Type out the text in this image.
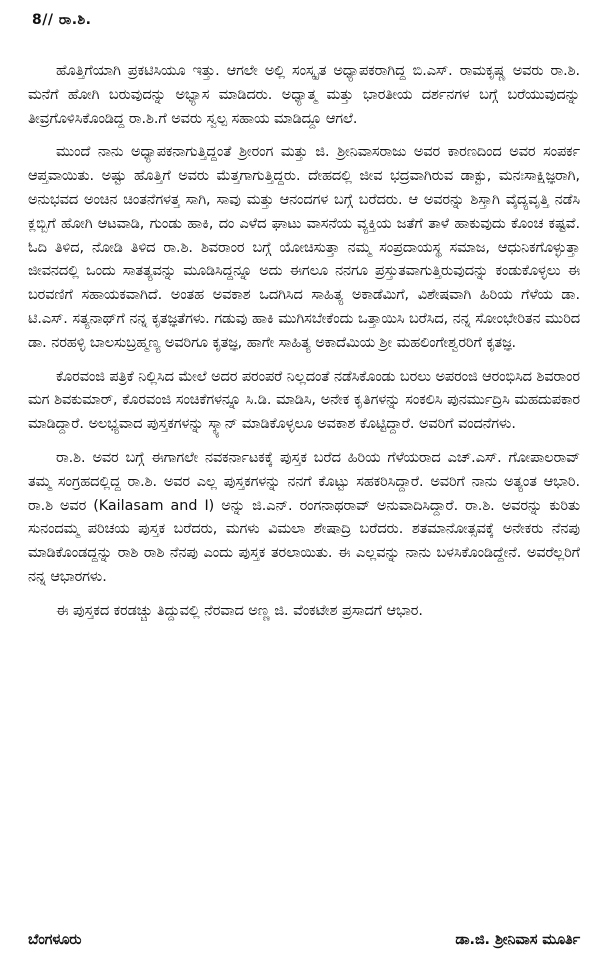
8// ರಾ.ಶಿ.

ಹೊತ್ತಿಗೆಯಾಗಿ ಪ್ರಕಟಿಸಿಯೂ ಇತ್ತು. ಆಗಲೇ ಅಲ್ಲಿ ಸಂಸ್ಕೃತ ಅಧ್ಯಾಪಕರಾಗಿದ್ದ ಬಿ.ಎಸ್. ರಾಮಕೃಷ್ಣ ಅವರು ರಾ.ಶಿ. ಮನೆಗೆ ಹೋಗಿ ಬರುವುದನ್ನು ಅಭ್ಯಾಸ ಮಾಡಿದರು. ಅಧ್ಯಾತ್ಮ ಮತ್ತು ಭಾರತೀಯ ದರ್ಶನಗಳ ಬಗ್ಗೆ ಬರೆಯುವುದನ್ನು ತೀವ್ರಗೊಳಿಸಿಕೊಂಡಿದ್ದ ರಾ.ಶಿ.ಗೆ ಅವರು ಸ್ವಲ್ಪ ಸಹಾಯ ಮಾಡಿದ್ದೂ ಆಗಲೆ.

ಮುಂದೆ ನಾನು ಅಧ್ಯಾಪಕನಾಗುತ್ತಿದ್ದಂತೆ ಶ್ರೀರಂಗ ಮತ್ತು ಜಿ. ಶ್ರೀನಿವಾಸರಾಜು ಅವರ ಕಾರಣದಿಂದ ಅವರ ಸಂಪರ್ಕ ಆಪ್ತವಾಯಿತು. ಅಷ್ಟು ಹೊತ್ತಿಗೆ ಅವರು ಮೆತ್ತಗಾಗುತ್ತಿದ್ದರು. ದೇಹದಲ್ಲಿ ಜೀವ ಭದ್ರವಾಗಿರುವ ಡಾಕ್ಟು, ಮನಃಸಾಕ್ಷಿಜ್ಞರಾಗಿ, ಅನುಭವದ ಅಂಚಿನ ಚಿಂತನೆಗಳತ್ತ ಸಾಗಿ, ಸಾವು ಮತ್ತು ಆನಂದಗಳ ಬಗ್ಗೆ ಬರೆದರು. ಆ ಅವರನ್ನು ಶಿಸ್ತಾಗಿ ವೈದ್ಯವೃತ್ತಿ ನಡೆಸಿ ಕ್ಲಬ್ಬಿಗೆ ಹೋಗಿ ಆಟವಾಡಿ, ಗುಂಡು ಹಾಕಿ, ದಂ ಎಳೆದ ಘಾಟು ವಾಸನೆಯ ವ್ಯಕ್ತಿಯ ಜತೆಗೆ ತಾಳೆ ಹಾಕುವುದು ಕೊಂಚ ಕಷ್ಟವೆ. ಓದಿ ತಿಳಿದ, ನೋಡಿ ತಿಳಿದ ರಾ.ಶಿ. ಶಿವರಾಂರ ಬಗ್ಗೆ ಯೋಚಿಸುತ್ತಾ ನಮ್ಮ ಸಂಪ್ರದಾಯಸ್ಥ ಸಮಾಜ, ಆಧುನಿಕಗೊಳ್ಳುತ್ತಾ ಜೀವನದಲ್ಲಿ ಒಂದು ಸಾತತ್ಯವನ್ನು ಮೂಡಿಸಿದ್ದನ್ನೂ ಅದು ಈಗಲೂ ನನಗೂ ಪ್ರಸ್ತುತವಾಗುತ್ತಿರುವುದನ್ನು ಕಂಡುಕೊಳ್ಳಲು ಈ ಬರವಣಿಗೆ ಸಹಾಯಕವಾಗಿದೆ. ಅಂತಹ ಅವಕಾಶ ಒದಗಿಸಿದ ಸಾಹಿತ್ಯ ಅಕಾಡೆಮಿಗೆ, ವಿಶೇಷವಾಗಿ ಹಿರಿಯ ಗೆಳೆಯ ಡಾ. ಟಿ.ಎಸ್. ಸತ್ಯನಾಥ್‌ಗೆ ನನ್ನ ಕೃತಜ್ಞತೆಗಳು. ಗಡುವು ಹಾಕಿ ಮುಗಿಸಬೇಕೆಂದು ಒತ್ತಾಯಿಸಿ ಬರೆಸಿದ, ನನ್ನ ಸೋಂಭೇರಿತನ ಮುರಿದ ಡಾ. ನರಹಳ್ಳಿ ಬಾಲಸುಬ್ರಹ್ಮಣ್ಯ ಅವರಿಗೂ ಕೃತಜ್ಞ, ಹಾಗೇ ಸಾಹಿತ್ಯ ಅಕಾದೆಮಿಯ ಶ್ರೀ ಮಹಲಿಂಗೇಶ್ವರರಿಗೆ ಕೃತಜ್ಞ.

ಕೊರವಂಜಿ ಪತ್ರಿಕೆ ನಿಲ್ಲಿಸಿದ ಮೇಲೆ ಅದರ ಪರಂಪರೆ ನಿಲ್ಲದಂತೆ ನಡೆಸಿಕೊಂಡು ಬರಲು ಅಪರಂಜಿ ಆರಂಭಿಸಿದ ಶಿವರಾಂರ ಮಗ ಶಿವಕುಮಾರ್, ಕೊರವಂಜಿ ಸಂಚಿಕೆಗಳನ್ನೂ ಸಿ.ಡಿ. ಮಾಡಿಸಿ, ಅನೇಕ ಕೃತಿಗಳನ್ನು ಸಂಕಲಿಸಿ ಪುನರ್ಮುದ್ರಿಸಿ ಮಹದುಪಕಾರ ಮಾಡಿದ್ದಾರೆ. ಅಲಭ್ಯವಾದ ಪುಸ್ತಕಗಳನ್ನು ಸ್ಕ್ಯಾನ್ ಮಾಡಿಕೊಳ್ಳಲೂ ಅವಕಾಶ ಕೊಟ್ಟಿದ್ದಾರೆ. ಅವರಿಗೆ ವಂದನೆಗಳು.

ರಾ.ಶಿ. ಅವರ ಬಗ್ಗೆ ಈಗಾಗಲೇ ನವಕರ್ನಾಟಕಕ್ಕೆ ಪುಸ್ತಕ ಬರೆದ ಹಿರಿಯ ಗೆಳೆಯರಾದ ಎಚ್.ಎಸ್. ಗೋಪಾಲರಾವ್ ತಮ್ಮ ಸಂಗ್ರಹದಲ್ಲಿದ್ದ ರಾ.ಶಿ. ಅವರ ಎಲ್ಲ ಪುಸ್ತಕಗಳನ್ನು ನನಗೆ ಕೊಟ್ಟು ಸಹಕರಿಸಿದ್ದಾರೆ. ಅವರಿಗೆ ನಾನು ಅತ್ಯಂತ ಆಭಾರಿ. ರಾ.ಶಿ ಅವರ (Kailasam and I) ಅನ್ನು ಜಿ.ಎನ್. ರಂಗನಾಥರಾವ್ ಅನುವಾದಿಸಿದ್ದಾರೆ. ರಾ.ಶಿ. ಅವರನ್ನು ಕುರಿತು ಸುನಂದಮ್ಮ ಪರಿಚಯ ಪುಸ್ತಕ ಬರೆದರು, ಮಗಳು ವಿಮಲಾ ಶೇಷಾದ್ರಿ ಬರೆದರು. ಶತಮಾನೋತ್ಸವಕ್ಕೆ ಅನೇಕರು ನೆನಪು ಮಾಡಿಕೊಂಡದ್ದನ್ನು ರಾಶಿ ರಾಶಿ ನೆನಪು ಎಂದು ಪುಸ್ತಕ ತರಲಾಯಿತು. ಈ ಎಲ್ಲವನ್ನು ನಾನು ಬಳಸಿಕೊಂಡಿದ್ದೇನೆ. ಅವರೆಲ್ಲರಿಗೆ ನನ್ನ ಆಭಾರಗಳು.

ಈ ಪುಸ್ತಕದ ಕರಡಚ್ಚು ತಿದ್ದುವಲ್ಲಿ ನೆರವಾದ ಅಣ್ಣ ಜಿ. ವೆಂಕಟೇಶ ಪ್ರಸಾದಗೆ ಆಭಾರ.

ಬೆಂಗಳೂರು	ಡಾ.ಜಿ. ಶ್ರೀನಿವಾಸ ಮೂರ್ತಿ
